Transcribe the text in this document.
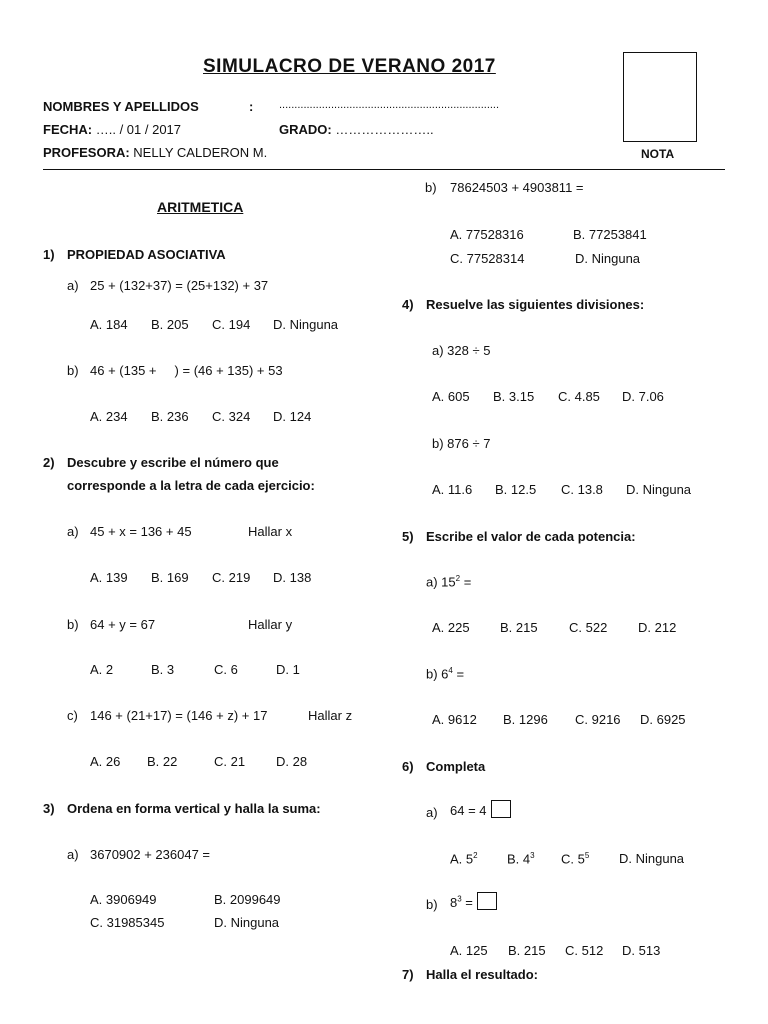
SIMULACRO DE VERANO 2017
NOMBRES Y APELLIDOS	: ........................................................................
FECHA: ….. / 01 / 2017	GRADO: …………………..
PROFESORA: NELLY CALDERON M.	NOTA
ARITMETICA
1) PROPIEDAD ASOCIATIVA
a) 25 + (132+37) = (25+132) + 37
A. 184 B. 205 C. 194 D. Ninguna
b) 46 + (135 +     ) = (46 + 135) + 53
A. 234 B. 236 C. 324 D. 124
2) Descubre y escribe el número que
corresponde a la letra de cada ejercicio:
a) 45 + x = 136 + 45	Hallar x
A. 139 B. 169 C. 219 D. 138
b) 64 + y = 67	Hallar y
A. 2	B. 3	C. 6	D. 1
c) 146 + (21+17) = (146 + z) + 17	Hallar z
A. 26 B. 22	C. 21 D. 28
3) Ordena en forma vertical y halla la suma:
a) 3670902 + 236047 =
A. 3906949	B. 2099649
C. 31985345	D. Ninguna
b) 78624503 + 4903811 =
A. 77528316	B. 77253841
C. 77528314	D. Ninguna
4) Resuelve las siguientes divisiones:
a) 328 ÷ 5
A. 605 B. 3.15 C. 4.85 D. 7.06
b) 876 ÷ 7
A. 11.6 B. 12.5 C. 13.8 D. Ninguna
5) Escribe el valor de cada potencia:
a) $15^2$ =
A. 225 B. 215 C. 522 D. 212
b) $6^4$ =
A. 9612 B. 1296 C. 9216 D. 6925
6) Completa
a) 64 = 4
A. $5^2$ B. $4^3$ C. $5^5$ D. Ninguna
b) $8^3$ =
A. 125 B. 215 C. 512 D. 513
7) Halla el resultado:
